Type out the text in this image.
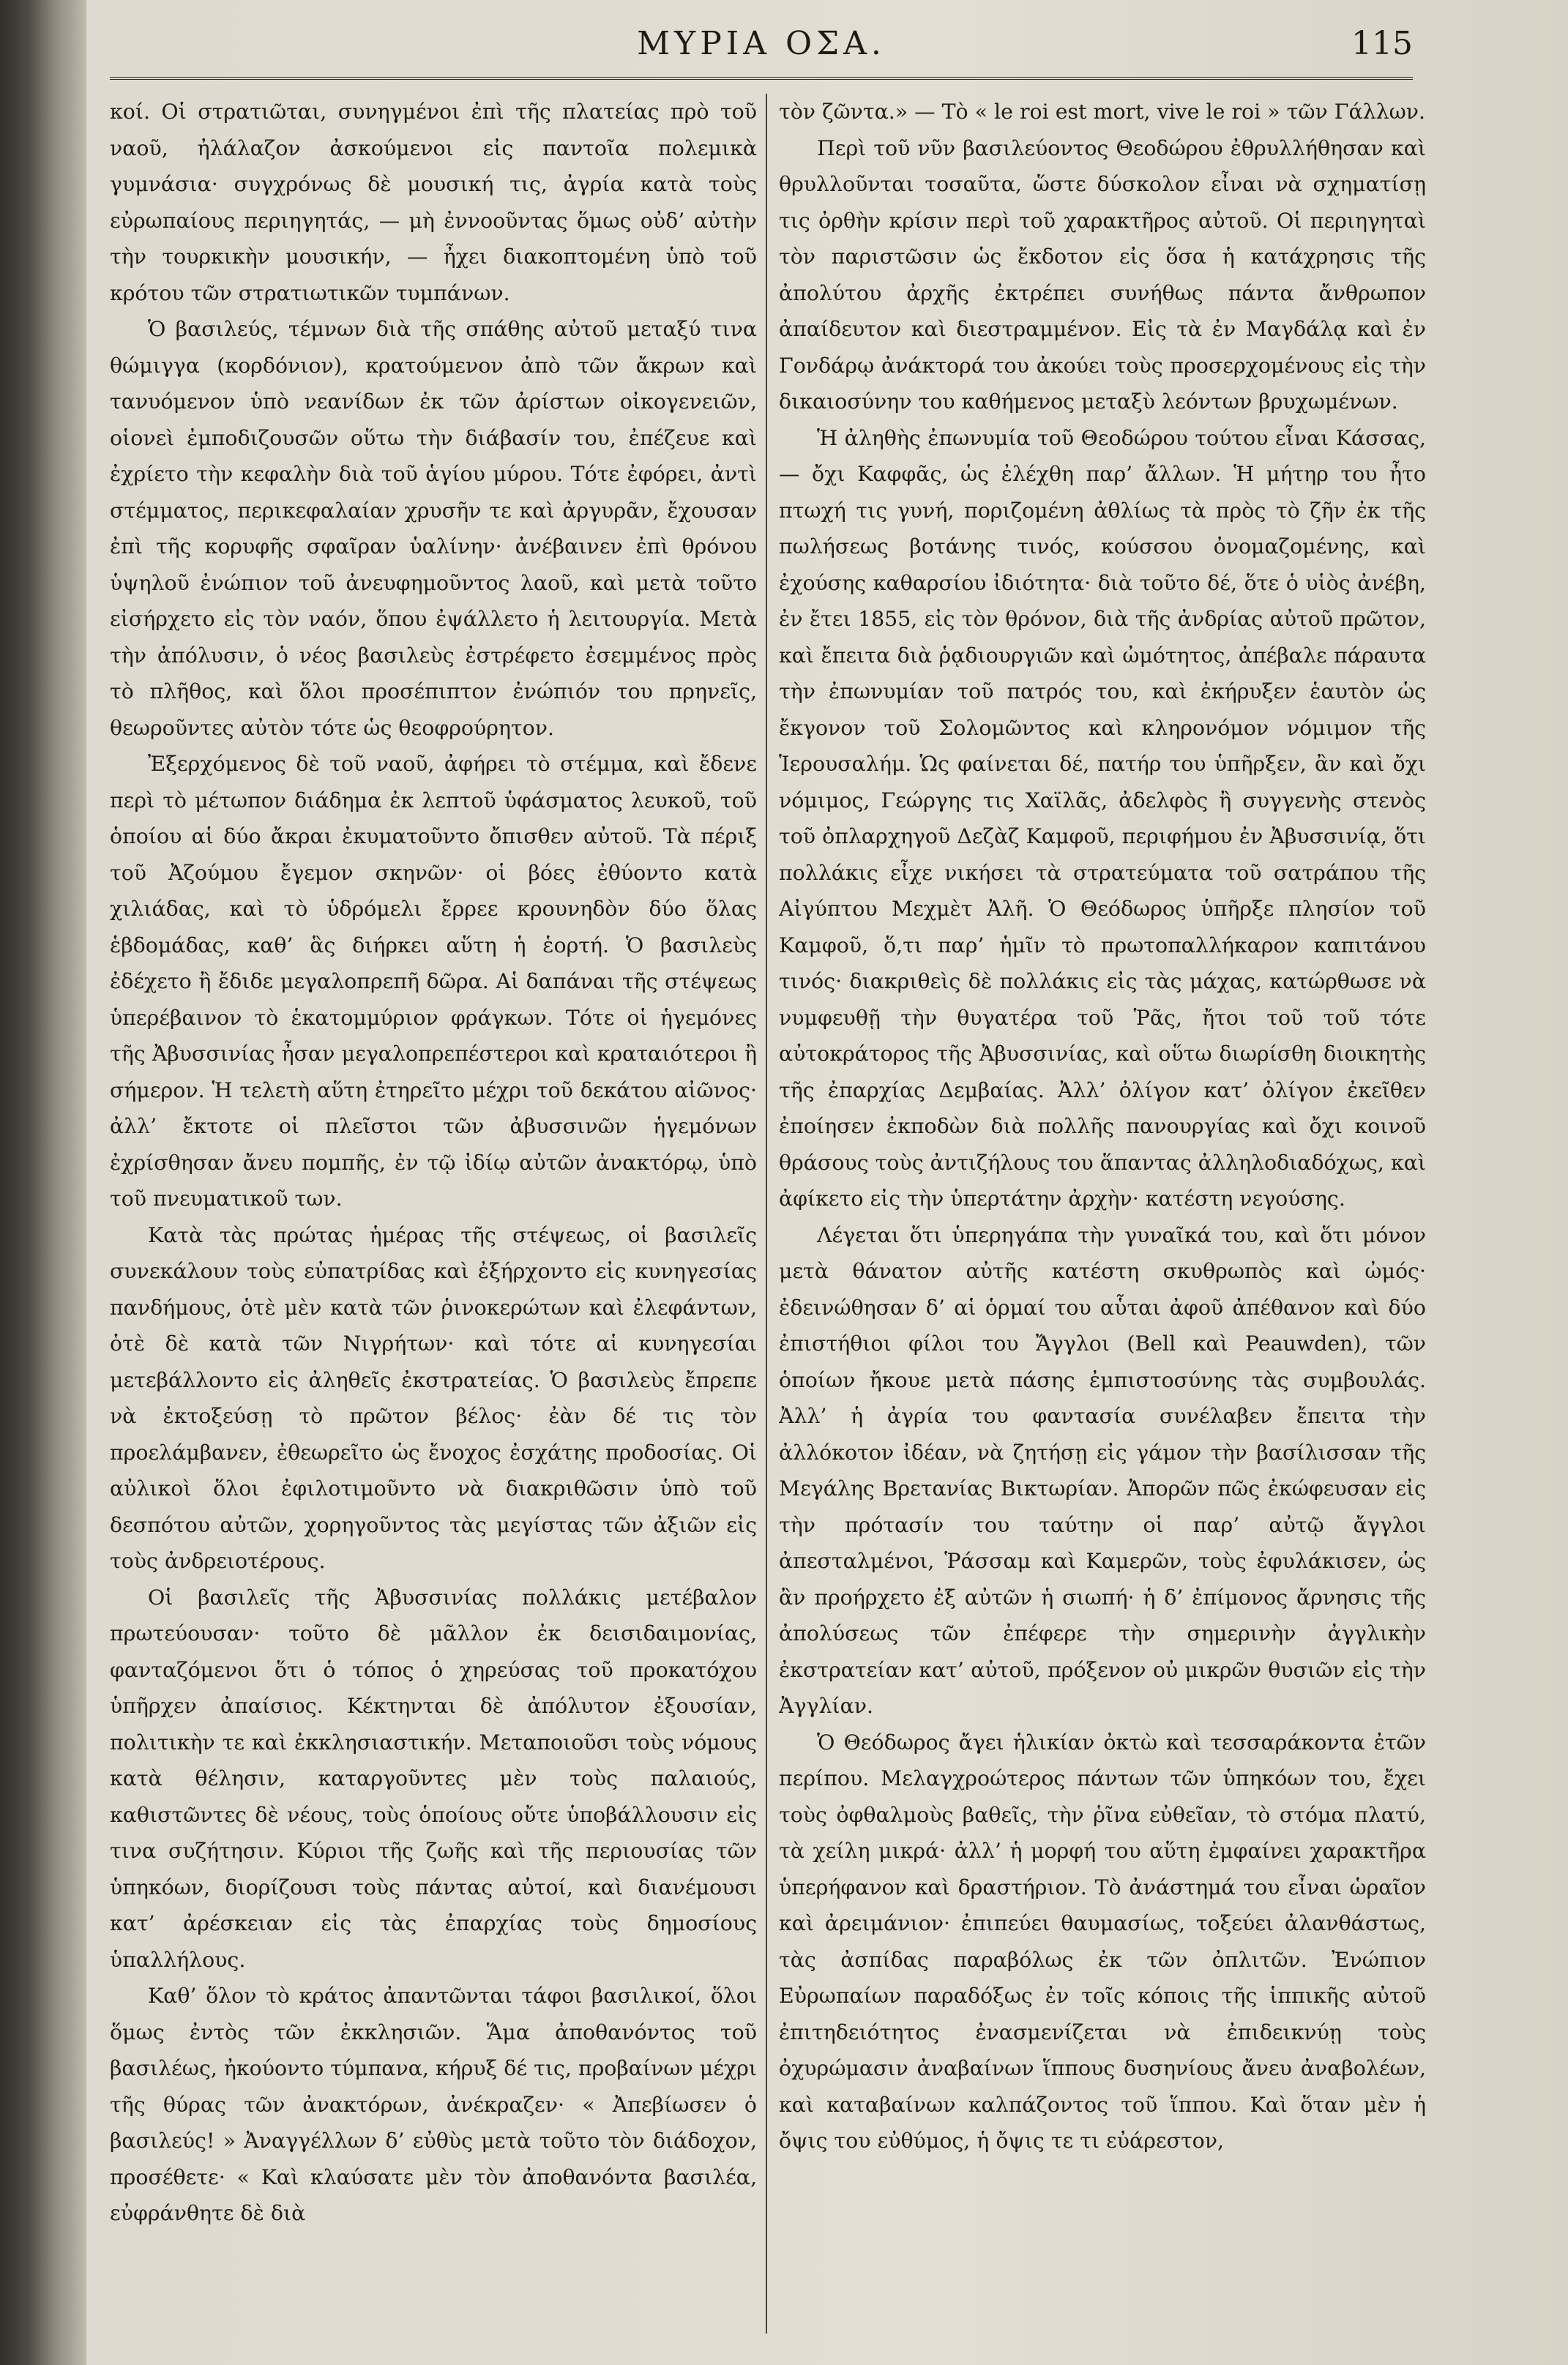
ΜΥΡΙΑ ΟΣΑ.	115

κοί. Οἱ στρατιῶται, συνηγμένοι ἐπὶ τῆς πλατείας πρὸ τοῦ ναοῦ, ἠλάλαζον ἀσκούμενοι εἰς παντοῖα πολεμικὰ γυμνάσια· συγχρόνως δὲ μουσική τις, ἀγρία κατὰ τοὺς εὐρωπαίους περιηγητάς, — μὴ ἐννοοῦντας ὅμως οὐδ’ αὐτὴν τὴν τουρκικὴν μουσικήν, — ἦχει διακοπτομένη ὑπὸ τοῦ κρότου τῶν στρατιωτικῶν τυμπάνων.

Ὁ βασιλεύς, τέμνων διὰ τῆς σπάθης αὐτοῦ μεταξύ τινα θώμιγγα (κορδόνιον), κρατούμενον ἀπὸ τῶν ἄκρων καὶ τανυόμενον ὑπὸ νεανίδων ἐκ τῶν ἀρίστων οἰκογενειῶν, οἱονεὶ ἐμποδιζουσῶν οὕτω τὴν διάβασίν του, ἐπέζευε καὶ ἐχρίετο τὴν κεφαλὴν διὰ τοῦ ἁγίου μύρου. Τότε ἐφόρει, ἀντὶ στέμματος, περικεφαλαίαν χρυσῆν τε καὶ ἀργυρᾶν, ἔχουσαν ἐπὶ τῆς κορυφῆς σφαῖραν ὑαλίνην· ἀνέβαινεν ἐπὶ θρόνου ὑψηλοῦ ἐνώπιον τοῦ ἀνευφημοῦντος λαοῦ, καὶ μετὰ τοῦτο εἰσήρχετο εἰς τὸν ναόν, ὅπου ἐψάλλετο ἡ λειτουργία. Μετὰ τὴν ἀπόλυσιν, ὁ νέος βασιλεὺς ἐστρέφετο ἐσεμμένος πρὸς τὸ πλῆθος, καὶ ὅλοι προσέπιπτον ἐνώπιόν του πρηνεῖς, θεωροῦντες αὐτὸν τότε ὡς θεοφρούρητον.

Ἐξερχόμενος δὲ τοῦ ναοῦ, ἀφήρει τὸ στέμμα, καὶ ἔδενε περὶ τὸ μέτωπον διάδημα ἐκ λεπτοῦ ὑφάσματος λευκοῦ, τοῦ ὁποίου αἱ δύο ἄκραι ἐκυματοῦντο ὄπισθεν αὐτοῦ. Τὰ πέριξ τοῦ Ἀζούμου ἔγεμον σκηνῶν· οἱ βόες ἐθύοντο κατὰ χιλιάδας, καὶ τὸ ὑδρόμελι ἔρρεε κρουνηδὸν δύο ὅλας ἑβδομάδας, καθ’ ἃς διήρκει αὕτη ἡ ἑορτή. Ὁ βασιλεὺς ἐδέχετο ἢ ἔδιδε μεγαλοπρεπῆ δῶρα. Αἱ δαπάναι τῆς στέψεως ὑπερέβαινον τὸ ἑκατομμύριον φράγκων. Τότε οἱ ἡγεμόνες τῆς Ἀβυσσινίας ἦσαν μεγαλοπρεπέστεροι καὶ κραταιότεροι ἢ σήμερον. Ἡ τελετὴ αὕτη ἐτηρεῖτο μέχρι τοῦ δεκάτου αἰῶνος· ἀλλ’ ἔκτοτε οἱ πλεῖστοι τῶν ἀβυσσινῶν ἡγεμόνων ἐχρίσθησαν ἄνευ πομπῆς, ἐν τῷ ἰδίῳ αὐτῶν ἀνακτόρῳ, ὑπὸ τοῦ πνευματικοῦ των.

Κατὰ τὰς πρώτας ἡμέρας τῆς στέψεως, οἱ βασιλεῖς συνεκάλουν τοὺς εὐπατρίδας καὶ ἐξήρχοντο εἰς κυνηγεσίας πανδήμους, ὁτὲ μὲν κατὰ τῶν ῥινοκερώτων καὶ ἐλεφάντων, ὁτὲ δὲ κατὰ τῶν Νιγρήτων· καὶ τότε αἱ κυνηγεσίαι μετεβάλλοντο εἰς ἀληθεῖς ἐκστρατείας. Ὁ βασιλεὺς ἔπρεπε νὰ ἐκτοξεύσῃ τὸ πρῶτον βέλος· ἐὰν δέ τις τὸν προελάμβανεν, ἐθεωρεῖτο ὡς ἔνοχος ἐσχάτης προδοσίας. Οἱ αὐλικοὶ ὅλοι ἐφιλοτιμοῦντο νὰ διακριθῶσιν ὑπὸ τοῦ δεσπότου αὐτῶν, χορηγοῦντος τὰς μεγίστας τῶν ἀξιῶν εἰς τοὺς ἀνδρειοτέρους.

Οἱ βασιλεῖς τῆς Ἀβυσσινίας πολλάκις μετέβαλον πρωτεύουσαν· τοῦτο δὲ μᾶλλον ἐκ δεισιδαιμονίας, φανταζόμενοι ὅτι ὁ τόπος ὁ χηρεύσας τοῦ προκατόχου ὑπῆρχεν ἀπαίσιος. Κέκτηνται δὲ ἀπόλυτον ἐξουσίαν, πολιτικὴν τε καὶ ἐκκλησιαστικήν. Μεταποιοῦσι τοὺς νόμους κατὰ θέλησιν, καταργοῦντες μὲν τοὺς παλαιούς, καθιστῶντες δὲ νέους, τοὺς ὁποίους οὔτε ὑποβάλλουσιν εἰς τινα συζήτησιν. Κύριοι τῆς ζωῆς καὶ τῆς περιουσίας τῶν ὑπηκόων, διορίζουσι τοὺς πάντας αὐτοί, καὶ διανέμουσι κατ’ ἀρέσκειαν εἰς τὰς ἐπαρχίας τοὺς δημοσίους ὑπαλλήλους.

Καθ’ ὅλον τὸ κράτος ἀπαντῶνται τάφοι βασιλικοί, ὅλοι ὅμως ἐντὸς τῶν ἐκκλησιῶν. Ἅμα ἀποθανόντος τοῦ βασιλέως, ἠκούοντο τύμπανα, κήρυξ δέ τις, προβαίνων μέχρι τῆς θύρας τῶν ἀνακτόρων, ἀνέκραζεν· « Ἀπεβίωσεν ὁ βασιλεύς! » Ἀναγγέλλων δ’ εὐθὺς μετὰ τοῦτο τὸν διάδοχον, προσέθετε· « Καὶ κλαύσατε μὲν τὸν ἀποθανόντα βασιλέα, εὐφράνθητε δὲ διὰ

τὸν ζῶντα.» — Τὸ « le roi est mort, vive le roi » τῶν Γάλλων.

Περὶ τοῦ νῦν βασιλεύοντος Θεοδώρου ἐθρυλλήθησαν καὶ θρυλλοῦνται τοσαῦτα, ὥστε δύσκολον εἶναι νὰ σχηματίσῃ τις ὀρθὴν κρίσιν περὶ τοῦ χαρακτῆρος αὐτοῦ. Οἱ περιηγηταὶ τὸν παριστῶσιν ὡς ἔκδοτον εἰς ὅσα ἡ κατάχρησις τῆς ἀπολύτου ἀρχῆς ἐκτρέπει συνήθως πάντα ἄνθρωπον ἀπαίδευτον καὶ διεστραμμένον. Εἰς τὰ ἐν Μαγδάλᾳ καὶ ἐν Γονδάρῳ ἀνάκτορά του ἀκούει τοὺς προσερχομένους εἰς τὴν δικαιοσύνην του καθήμενος μεταξὺ λεόντων βρυχωμένων.

Ἡ ἀληθὴς ἐπωνυμία τοῦ Θεοδώρου τούτου εἶναι Κάσσας, — ὄχι Καφφᾶς, ὡς ἐλέχθη παρ’ ἄλλων. Ἡ μήτηρ του ἦτο πτωχή τις γυνή, ποριζομένη ἀθλίως τὰ πρὸς τὸ ζῆν ἐκ τῆς πωλήσεως βοτάνης τινός, κούσσου ὀνομαζομένης, καὶ ἐχούσης καθαρσίου ἰδιότητα· διὰ τοῦτο δέ, ὅτε ὁ υἱὸς ἀνέβη, ἐν ἔτει 1855, εἰς τὸν θρόνον, διὰ τῆς ἀνδρίας αὐτοῦ πρῶτον, καὶ ἔπειτα διὰ ῥᾳδιουργιῶν καὶ ὠμότητος, ἀπέβαλε πάραυτα τὴν ἐπωνυμίαν τοῦ πατρός του, καὶ ἐκήρυξεν ἑαυτὸν ὡς ἔκγονον τοῦ Σολομῶντος καὶ κληρονόμον νόμιμον τῆς Ἱερουσαλήμ. Ὡς φαίνεται δέ, πατήρ του ὑπῆρξεν, ἂν καὶ ὄχι νόμιμος, Γεώργης τις Χαϊλᾶς, ἀδελφὸς ἢ συγγενὴς στενὸς τοῦ ὀπλαρχηγοῦ Δεζὰζ Καμφοῦ, περιφήμου ἐν Ἀβυσσινίᾳ, ὅτι πολλάκις εἶχε νικήσει τὰ στρατεύματα τοῦ σατράπου τῆς Αἰγύπτου Μεχμὲτ Ἀλῆ. Ὁ Θεόδωρος ὑπῆρξε πλησίον τοῦ Καμφοῦ, ὅ,τι παρ’ ἡμῖν τὸ πρωτοπαλλήκαρον καπιτάνου τινός· διακριθεὶς δὲ πολλάκις εἰς τὰς μάχας, κατώρθωσε νὰ νυμφευθῇ τὴν θυγατέρα τοῦ Ῥᾶς, ἤτοι τοῦ τοῦ τότε αὐτοκράτορος τῆς Ἀβυσσινίας, καὶ οὕτω διωρίσθη διοικητὴς τῆς ἐπαρχίας Δεμβαίας. Ἀλλ’ ὀλίγον κατ’ ὀλίγον ἐκεῖθεν ἐποίησεν ἐκποδὼν διὰ πολλῆς πανουργίας καὶ ὄχι κοινοῦ θράσους τοὺς ἀντιζήλους του ἅπαντας ἀλληλοδιαδόχως, καὶ ἀφίκετο εἰς τὴν ὑπερτάτην ἀρχὴν· κατέστη νεγούσης.

Λέγεται ὅτι ὑπερηγάπα τὴν γυναῖκά του, καὶ ὅτι μόνον μετὰ θάνατον αὐτῆς κατέστη σκυθρωπὸς καὶ ὠμός· ἐδεινώθησαν δ’ αἱ ὁρμαί του αὗται ἀφοῦ ἀπέθανον καὶ δύο ἐπιστήθιοι φίλοι του Ἄγγλοι (Bell καὶ Peauwden), τῶν ὁποίων ἤκουε μετὰ πάσης ἐμπιστοσύνης τὰς συμβουλάς. Ἀλλ’ ἡ ἀγρία του φαντασία συνέλαβεν ἔπειτα τὴν ἀλλόκοτον ἰδέαν, νὰ ζητήσῃ εἰς γάμον τὴν βασίλισσαν τῆς Μεγάλης Βρετανίας Βικτωρίαν. Ἀπορῶν πῶς ἐκώφευσαν εἰς τὴν πρότασίν του ταύτην οἱ παρ’ αὐτῷ ἄγγλοι ἀπεσταλμένοι, Ῥάσσαμ καὶ Καμερῶν, τοὺς ἐφυλάκισεν, ὡς ἂν προήρχετο ἐξ αὐτῶν ἡ σιωπή· ἡ δ’ ἐπίμονος ἄρνησις τῆς ἀπολύσεως τῶν ἐπέφερε τὴν σημερινὴν ἀγγλικὴν ἐκστρατείαν κατ’ αὐτοῦ, πρόξενον οὐ μικρῶν θυσιῶν εἰς τὴν Ἀγγλίαν.

Ὁ Θεόδωρος ἄγει ἡλικίαν ὀκτὼ καὶ τεσσαράκοντα ἐτῶν περίπου. Μελαγχροώτερος πάντων τῶν ὑπηκόων του, ἔχει τοὺς ὀφθαλμοὺς βαθεῖς, τὴν ῥῖνα εὐθεῖαν, τὸ στόμα πλατύ, τὰ χείλη μικρά· ἀλλ’ ἡ μορφή του αὕτη ἐμφαίνει χαρακτῆρα ὑπερήφανον καὶ δραστήριον. Τὸ ἀνάστημά του εἶναι ὡραῖον καὶ ἀρειμάνιον· ἐπιπεύει θαυμασίως, τοξεύει ἀλανθάστως, τὰς ἀσπίδας παραβόλως ἐκ τῶν ὀπλιτῶν. Ἐνώπιον Εὐρωπαίων παραδόξως ἐν τοῖς κόποις τῆς ἱππικῆς αὐτοῦ ἐπιτηδειότητος ἐνασμενίζεται νὰ ἐπιδεικνύῃ τοὺς ὀχυρώμασιν ἀναβαίνων ἵππους δυσηνίους ἄνευ ἀναβολέων, καὶ καταβαίνων καλπάζοντος τοῦ ἵππου. Καὶ ὅταν μὲν ἡ ὄψις του εὐθύμος, ἡ ὄψις τε τι εὐάρεστον,
